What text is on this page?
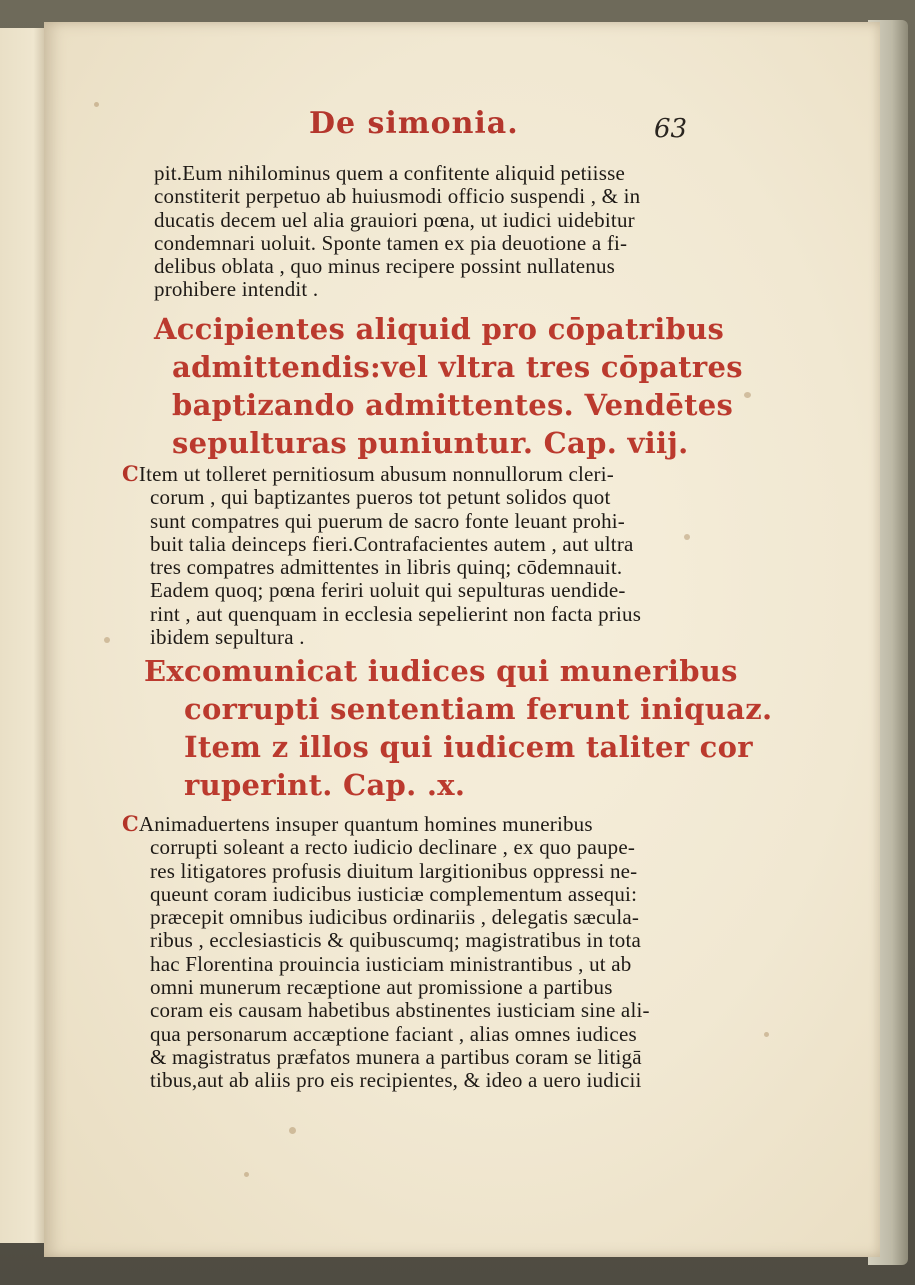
De simonia.	63
pit.Eum nihilominus quem a confitente aliquid petiisse
constiterit perpetuo ab huiusmodi officio suspendi , & in
ducatis decem uel alia grauiori pœna, ut iudici uidebitur
condemnari uoluit. Sponte tamen ex pia deuotione a fi-
delibus oblata , quo minus recipere possint nullatenus
prohibere intendit .
Accipientes aliquid pro cōpatribus
admittendis:vel vltra tres cōpatres
baptizando admittentes. Vendētes
sepulturas puniuntur. Cap. viij.
CItem ut tolleret pernitiosum abusum nonnullorum cleri-
corum , qui baptizantes pueros tot petunt solidos quot
sunt compatres qui puerum de sacro fonte leuant prohi-
buit talia deinceps fieri.Contrafacientes autem , aut ultra
tres compatres admittentes in libris quinq; cōdemnauit.
Eadem quoq; pœna feriri uoluit qui sepulturas uendide-
rint , aut quenquam in ecclesia sepelierint non facta prius
ibidem sepultura .
Excomunicat iudices qui muneribus
corrupti sententiam ferunt iniquaz.
Item z illos qui iudicem taliter cor
ruperint. Cap. .x.
CAnimaduertens insuper quantum homines muneribus
corrupti soleant a recto iudicio declinare , ex quo paupe-
res litigatores profusis diuitum largitionibus oppressi ne-
queunt coram iudicibus iusticiæ complementum assequi:
præcepit omnibus iudicibus ordinariis , delegatis sæcula-
ribus , ecclesiasticis & quibuscumq; magistratibus in tota
hac Florentina prouincia iusticiam ministrantibus , ut ab
omni munerum recæptione aut promissione a partibus
coram eis causam habetibus abstinentes iusticiam sine ali-
qua personarum accæptione faciant , alias omnes iudices
& magistratus præfatos munera a partibus coram se litigā
tibus,aut ab aliis pro eis recipientes, & ideo a uero iudicii
